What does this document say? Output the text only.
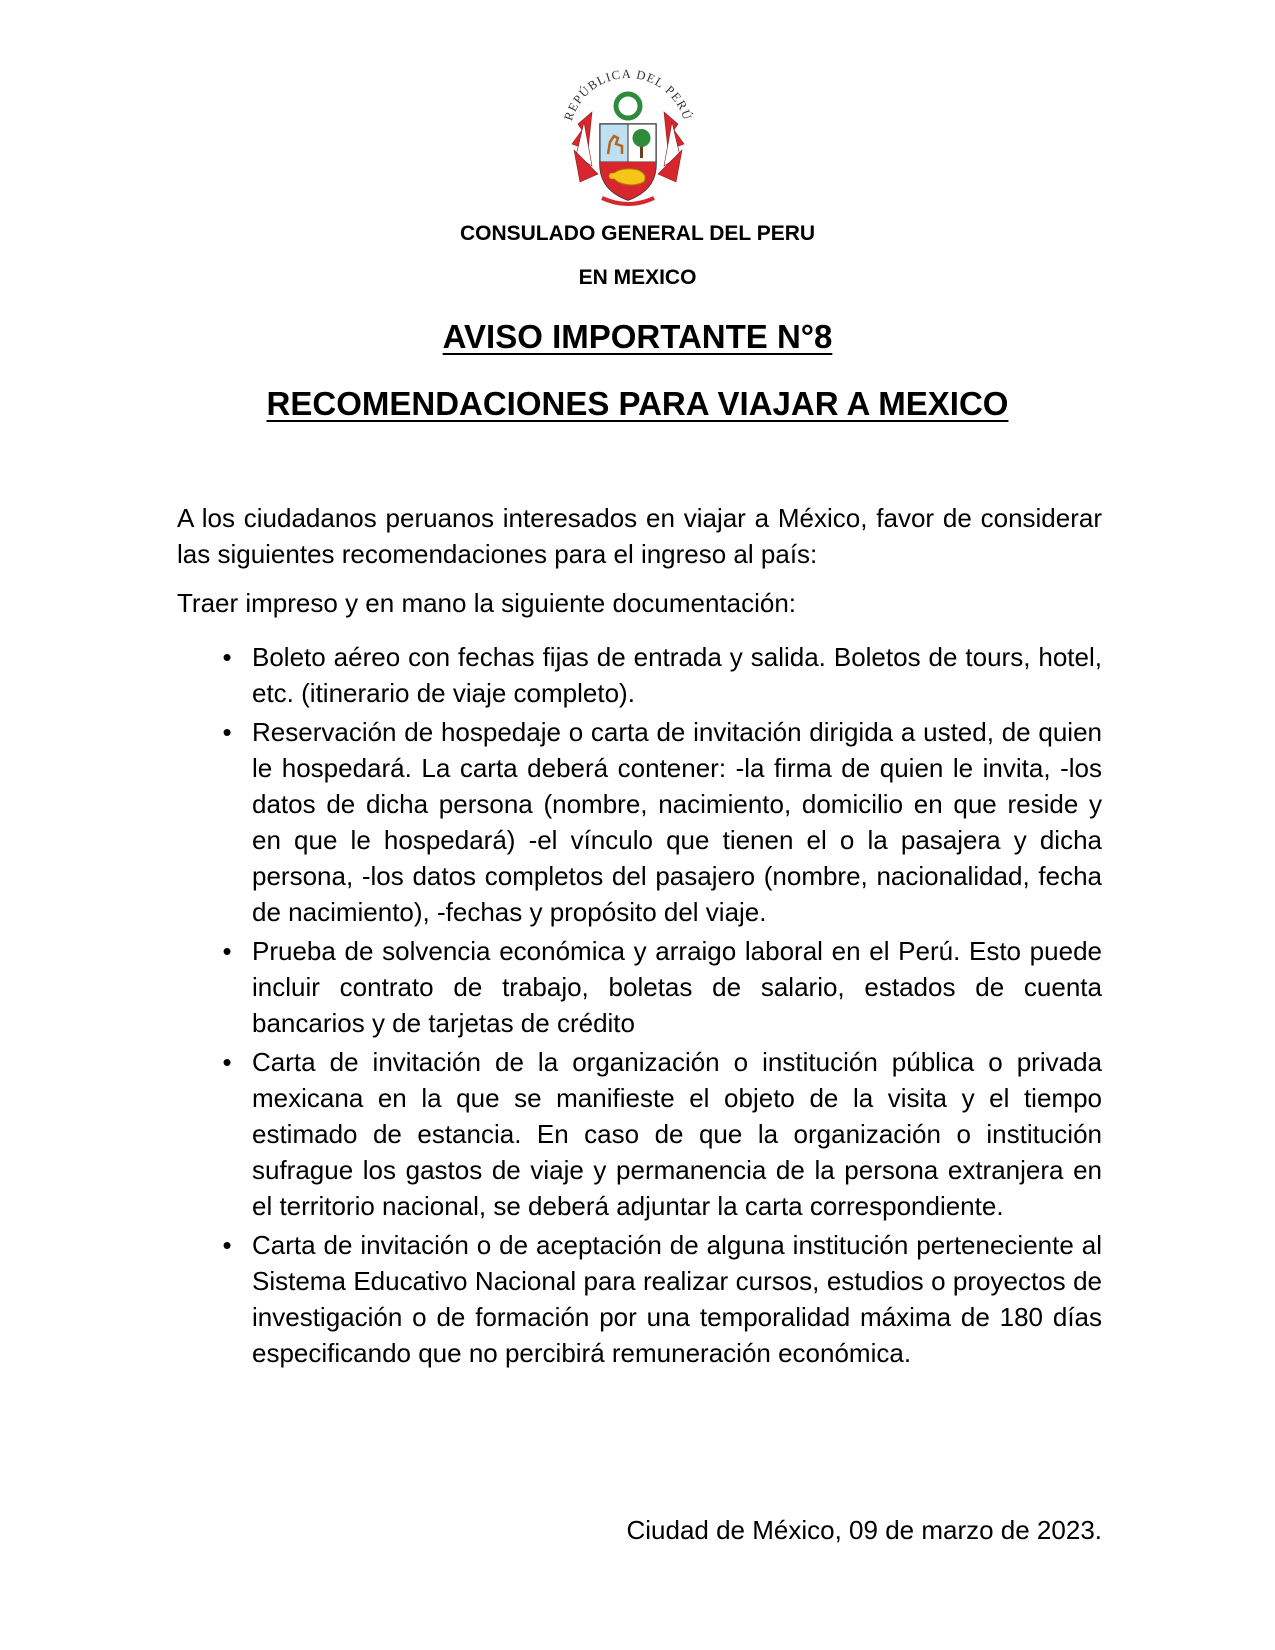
REPÚBLICA DEL PERÚ
CONSULADO GENERAL DEL PERU
EN MEXICO
AVISO IMPORTANTE N°8
RECOMENDACIONES PARA VIAJAR A MEXICO

A los ciudadanos peruanos interesados en viajar a México, favor de considerar las siguientes recomendaciones para el ingreso al país:

Traer impreso y en mano la siguiente documentación:

• Boleto aéreo con fechas fijas de entrada y salida. Boletos de tours, hotel, etc. (itinerario de viaje completo).
• Reservación de hospedaje o carta de invitación dirigida a usted, de quien le hospedará. La carta deberá contener: -la firma de quien le invita, -los datos de dicha persona (nombre, nacimiento, domicilio en que reside y en que le hospedará) -el vínculo que tienen el o la pasajera y dicha persona, -los datos completos del pasajero (nombre, nacionalidad, fecha de nacimiento), -fechas y propósito del viaje.
• Prueba de solvencia económica y arraigo laboral en el Perú. Esto puede incluir contrato de trabajo, boletas de salario, estados de cuenta bancarios y de tarjetas de crédito
• Carta de invitación de la organización o institución pública o privada mexicana en la que se manifieste el objeto de la visita y el tiempo estimado de estancia. En caso de que la organización o institución sufrague los gastos de viaje y permanencia de la persona extranjera en el territorio nacional, se deberá adjuntar la carta correspondiente.
• Carta de invitación o de aceptación de alguna institución perteneciente al Sistema Educativo Nacional para realizar cursos, estudios o proyectos de investigación o de formación por una temporalidad máxima de 180 días especificando que no percibirá remuneración económica.
Ciudad de México, 09 de marzo de 2023.
